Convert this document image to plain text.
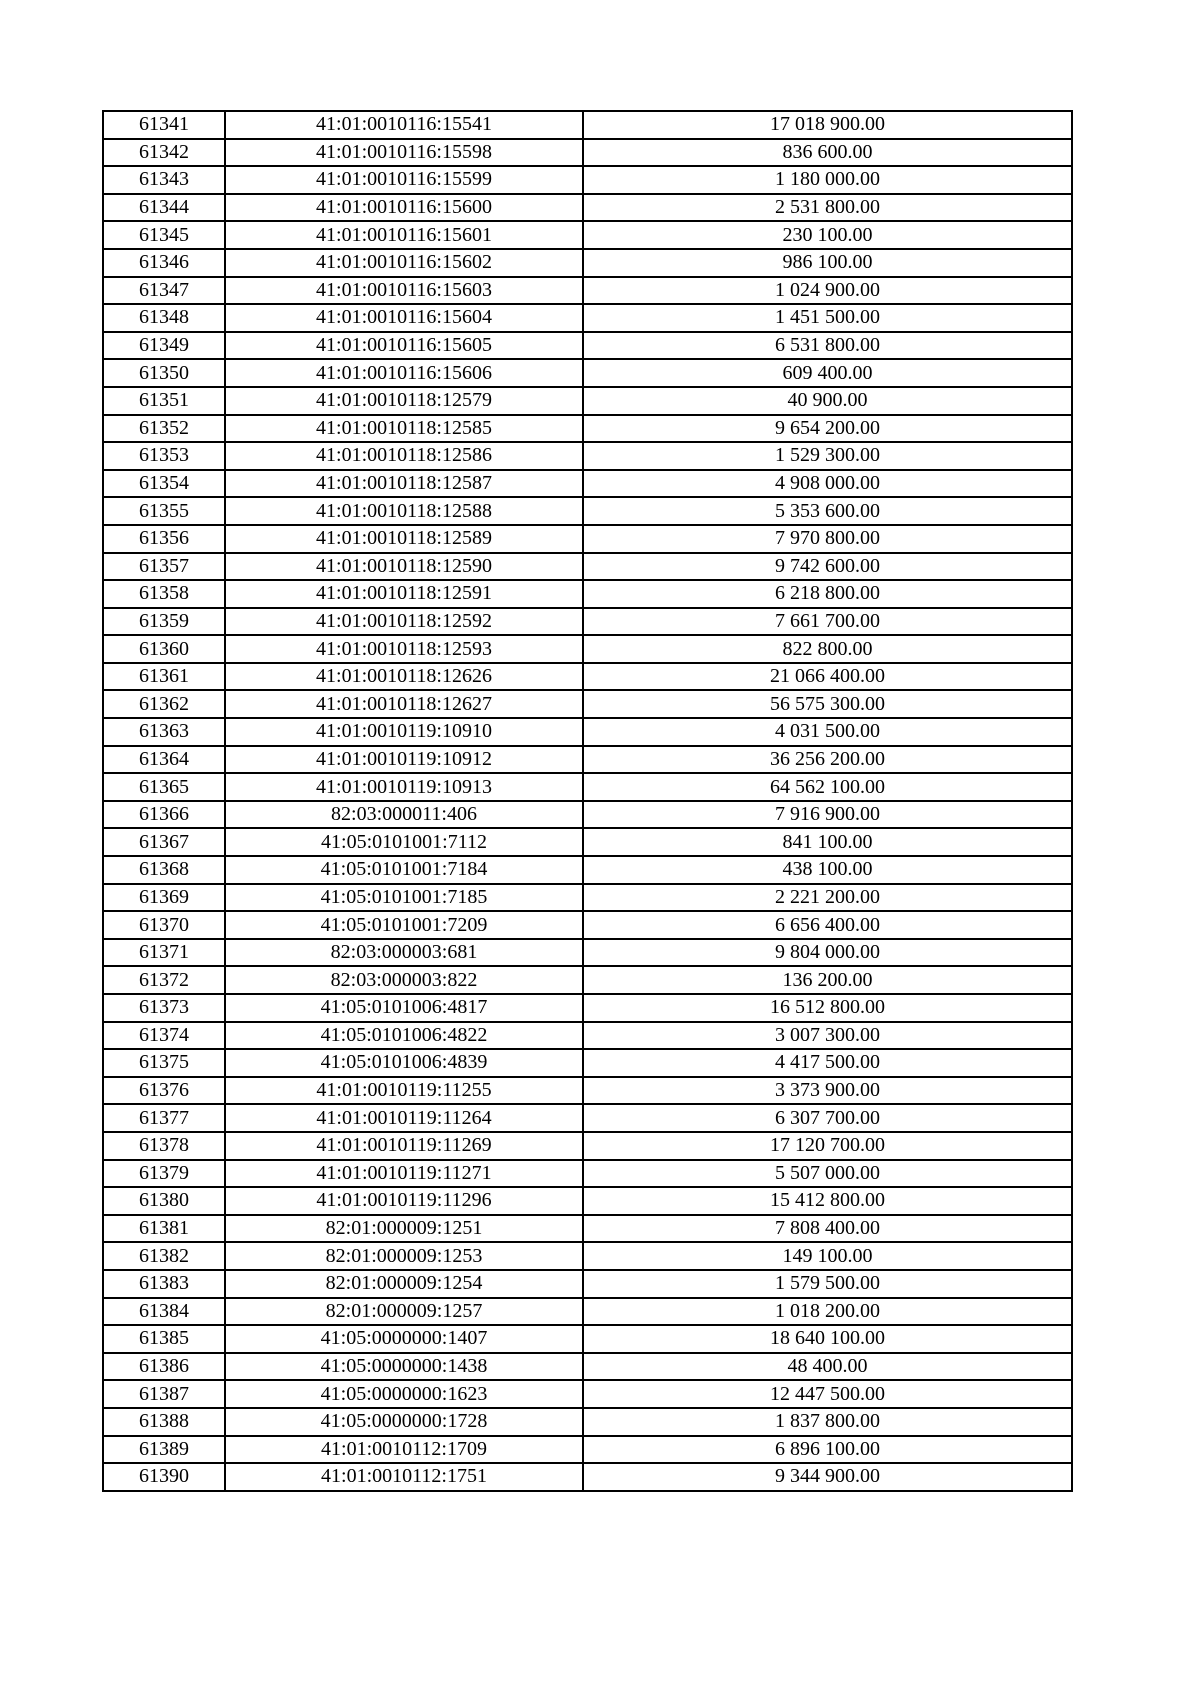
61341	41:01:0010116:15541	17 018 900.00
61342	41:01:0010116:15598	836 600.00
61343	41:01:0010116:15599	1 180 000.00
61344	41:01:0010116:15600	2 531 800.00
61345	41:01:0010116:15601	230 100.00
61346	41:01:0010116:15602	986 100.00
61347	41:01:0010116:15603	1 024 900.00
61348	41:01:0010116:15604	1 451 500.00
61349	41:01:0010116:15605	6 531 800.00
61350	41:01:0010116:15606	609 400.00
61351	41:01:0010118:12579	40 900.00
61352	41:01:0010118:12585	9 654 200.00
61353	41:01:0010118:12586	1 529 300.00
61354	41:01:0010118:12587	4 908 000.00
61355	41:01:0010118:12588	5 353 600.00
61356	41:01:0010118:12589	7 970 800.00
61357	41:01:0010118:12590	9 742 600.00
61358	41:01:0010118:12591	6 218 800.00
61359	41:01:0010118:12592	7 661 700.00
61360	41:01:0010118:12593	822 800.00
61361	41:01:0010118:12626	21 066 400.00
61362	41:01:0010118:12627	56 575 300.00
61363	41:01:0010119:10910	4 031 500.00
61364	41:01:0010119:10912	36 256 200.00
61365	41:01:0010119:10913	64 562 100.00
61366	82:03:000011:406	7 916 900.00
61367	41:05:0101001:7112	841 100.00
61368	41:05:0101001:7184	438 100.00
61369	41:05:0101001:7185	2 221 200.00
61370	41:05:0101001:7209	6 656 400.00
61371	82:03:000003:681	9 804 000.00
61372	82:03:000003:822	136 200.00
61373	41:05:0101006:4817	16 512 800.00
61374	41:05:0101006:4822	3 007 300.00
61375	41:05:0101006:4839	4 417 500.00
61376	41:01:0010119:11255	3 373 900.00
61377	41:01:0010119:11264	6 307 700.00
61378	41:01:0010119:11269	17 120 700.00
61379	41:01:0010119:11271	5 507 000.00
61380	41:01:0010119:11296	15 412 800.00
61381	82:01:000009:1251	7 808 400.00
61382	82:01:000009:1253	149 100.00
61383	82:01:000009:1254	1 579 500.00
61384	82:01:000009:1257	1 018 200.00
61385	41:05:0000000:1407	18 640 100.00
61386	41:05:0000000:1438	48 400.00
61387	41:05:0000000:1623	12 447 500.00
61388	41:05:0000000:1728	1 837 800.00
61389	41:01:0010112:1709	6 896 100.00
61390	41:01:0010112:1751	9 344 900.00
